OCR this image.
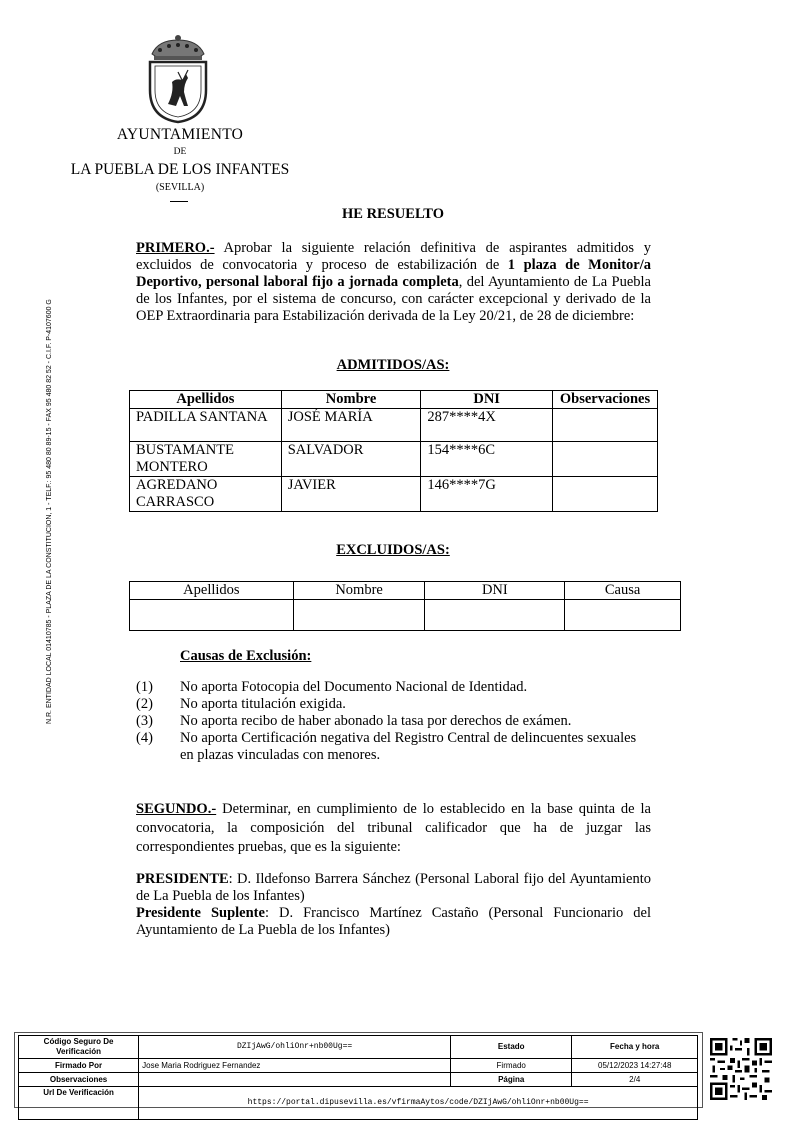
AYUNTAMIENTO
DE
LA PUEBLA DE LOS INFANTES
(SEVILLA)
N.R. ENTIDAD LOCAL 01410785 - PLAZA DE LA CONSTITUCION, 1 - TELF.: 95 480 80 89-15 - FAX 95 480 82 52 - C.I.F. P-4107600 G
HE RESUELTO
PRIMERO.- Aprobar la siguiente relación definitiva de aspirantes admitidos y excluidos de convocatoria y proceso de estabilización de 1 plaza de Monitor/a Deportivo, personal laboral fijo a jornada completa, del Ayuntamiento de La Puebla de los Infantes, por el sistema de concurso, con carácter excepcional y derivado de la OEP Extraordinaria para Estabilización derivada de la Ley 20/21, de 28 de diciembre:
ADMITIDOS/AS:
Apellidos	Nombre	DNI	Observaciones
PADILLA SANTANA	JOSÉ MARÍA	287****4X	
BUSTAMANTE MONTERO	SALVADOR	154****6C	
AGREDANO CARRASCO	JAVIER	146****7G	
EXCLUIDOS/AS:
Apellidos	Nombre	DNI	Causa

Causas de Exclusión:
(1)	No aporta Fotocopia del Documento Nacional de Identidad.
(2)	No aporta titulación exigida.
(3)	No aporta recibo de haber abonado la tasa por derechos de exámen.
(4)	No aporta Certificación negativa del Registro Central de delincuentes sexuales en plazas vinculadas con menores.
SEGUNDO.- Determinar, en cumplimiento de lo establecido en la base quinta de la convocatoria, la composición del tribunal calificador que ha de juzgar las correspondientes pruebas, que es la siguiente:
PRESIDENTE: D. Ildefonso Barrera Sánchez (Personal Laboral fijo del Ayuntamiento de La Puebla de los Infantes)
Presidente Suplente: D. Francisco Martínez Castaño (Personal Funcionario del Ayuntamiento de La Puebla de los Infantes)
Código Seguro De Verificación	DZIjAwG/ohliOnr+nb00Ug==	Estado	Fecha y hora
Firmado Por	Jose Maria Rodriguez Fernandez	Firmado	05/12/2023 14:27:48
Observaciones		Página	2/4
Url De Verificación	https://portal.dipusevilla.es/vfirmaAytos/code/DZIjAwG/ohliOnr+nb00Ug==		
